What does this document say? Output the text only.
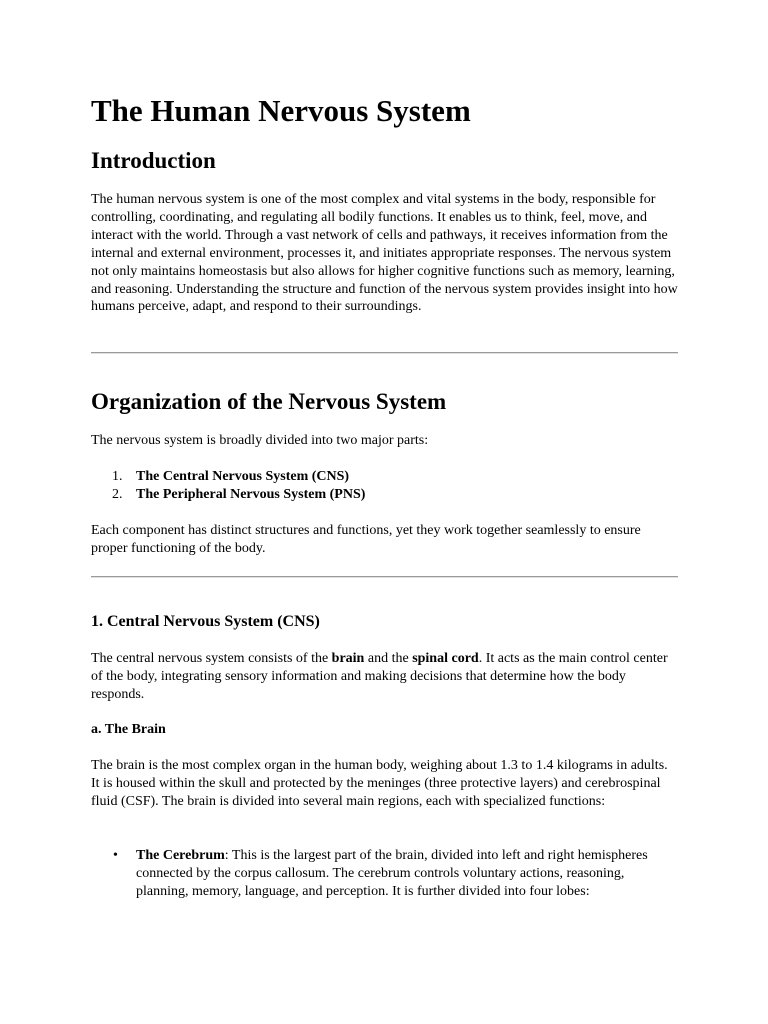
The Human Nervous System
Introduction

The human nervous system is one of the most complex and vital systems in the body, responsible for controlling, coordinating, and regulating all bodily functions. It enables us to think, feel, move, and interact with the world. Through a vast network of cells and pathways, it receives information from the internal and external environment, processes it, and initiates appropriate responses. The nervous system not only maintains homeostasis but also allows for higher cognitive functions such as memory, learning, and reasoning. Understanding the structure and function of the nervous system provides insight into how humans perceive, adapt, and respond to their surroundings.

Organization of the Nervous System

The nervous system is broadly divided into two major parts:

1. The Central Nervous System (CNS)
2. The Peripheral Nervous System (PNS)

Each component has distinct structures and functions, yet they work together seamlessly to ensure proper functioning of the body.

1. Central Nervous System (CNS)

The central nervous system consists of the brain and the spinal cord. It acts as the main control center of the body, integrating sensory information and making decisions that determine how the body responds.

a. The Brain

The brain is the most complex organ in the human body, weighing about 1.3 to 1.4 kilograms in adults. It is housed within the skull and protected by the meninges (three protective layers) and cerebrospinal fluid (CSF). The brain is divided into several main regions, each with specialized functions:

• The Cerebrum: This is the largest part of the brain, divided into left and right hemispheres connected by the corpus callosum. The cerebrum controls voluntary actions, reasoning, planning, memory, language, and perception. It is further divided into four lobes:
